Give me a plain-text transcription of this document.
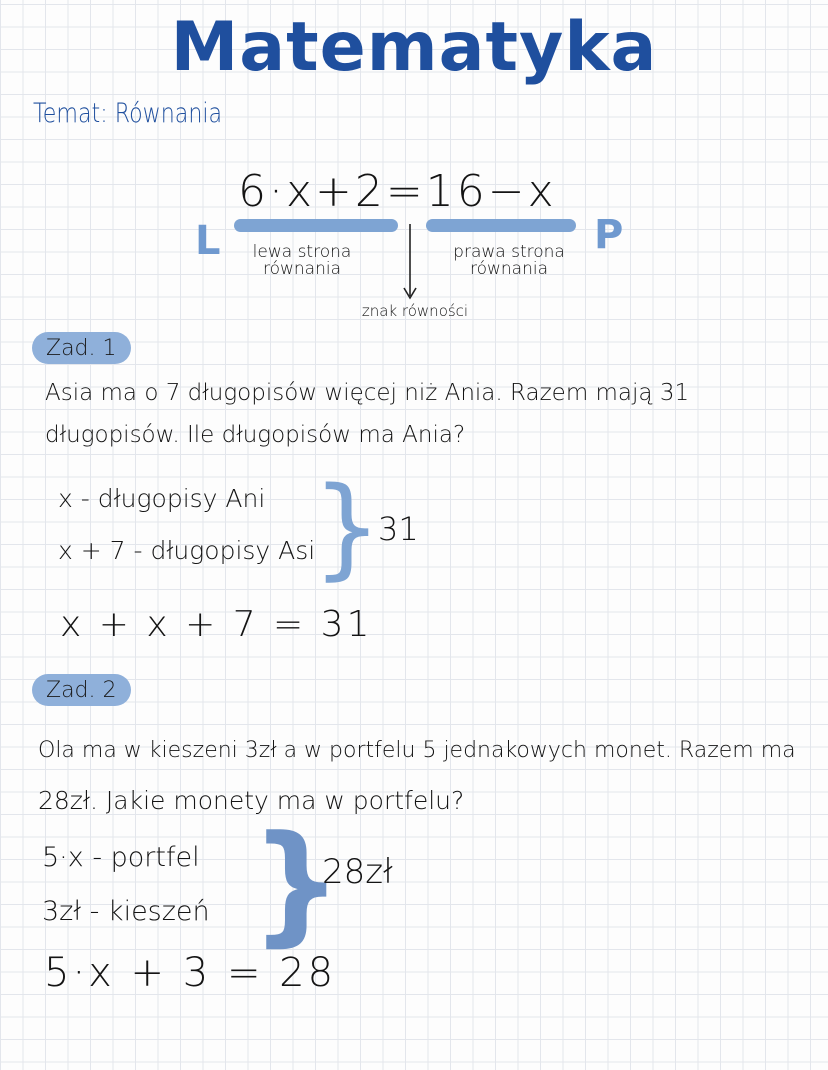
Matematyka
Temat: Równania
6·x+2=16−x
L	P
lewa strona
równania
prawa strona
równania
znak równości
Zad. 1
Asia ma o 7 długopisów więcej niż Ania. Razem mają 31
długopisów. Ile długopisów ma Ania?
x - długopisy Ani
x + 7 - długopisy Asi
}
31
x + x + 7 = 31
Zad. 2
Ola ma w kieszeni 3zł a w portfelu 5 jednakowych monet. Razem ma
28zł. Jakie monety ma w portfelu?
5·x - portfel
3zł - kieszeń }
28zł
5·x + 3 = 28
